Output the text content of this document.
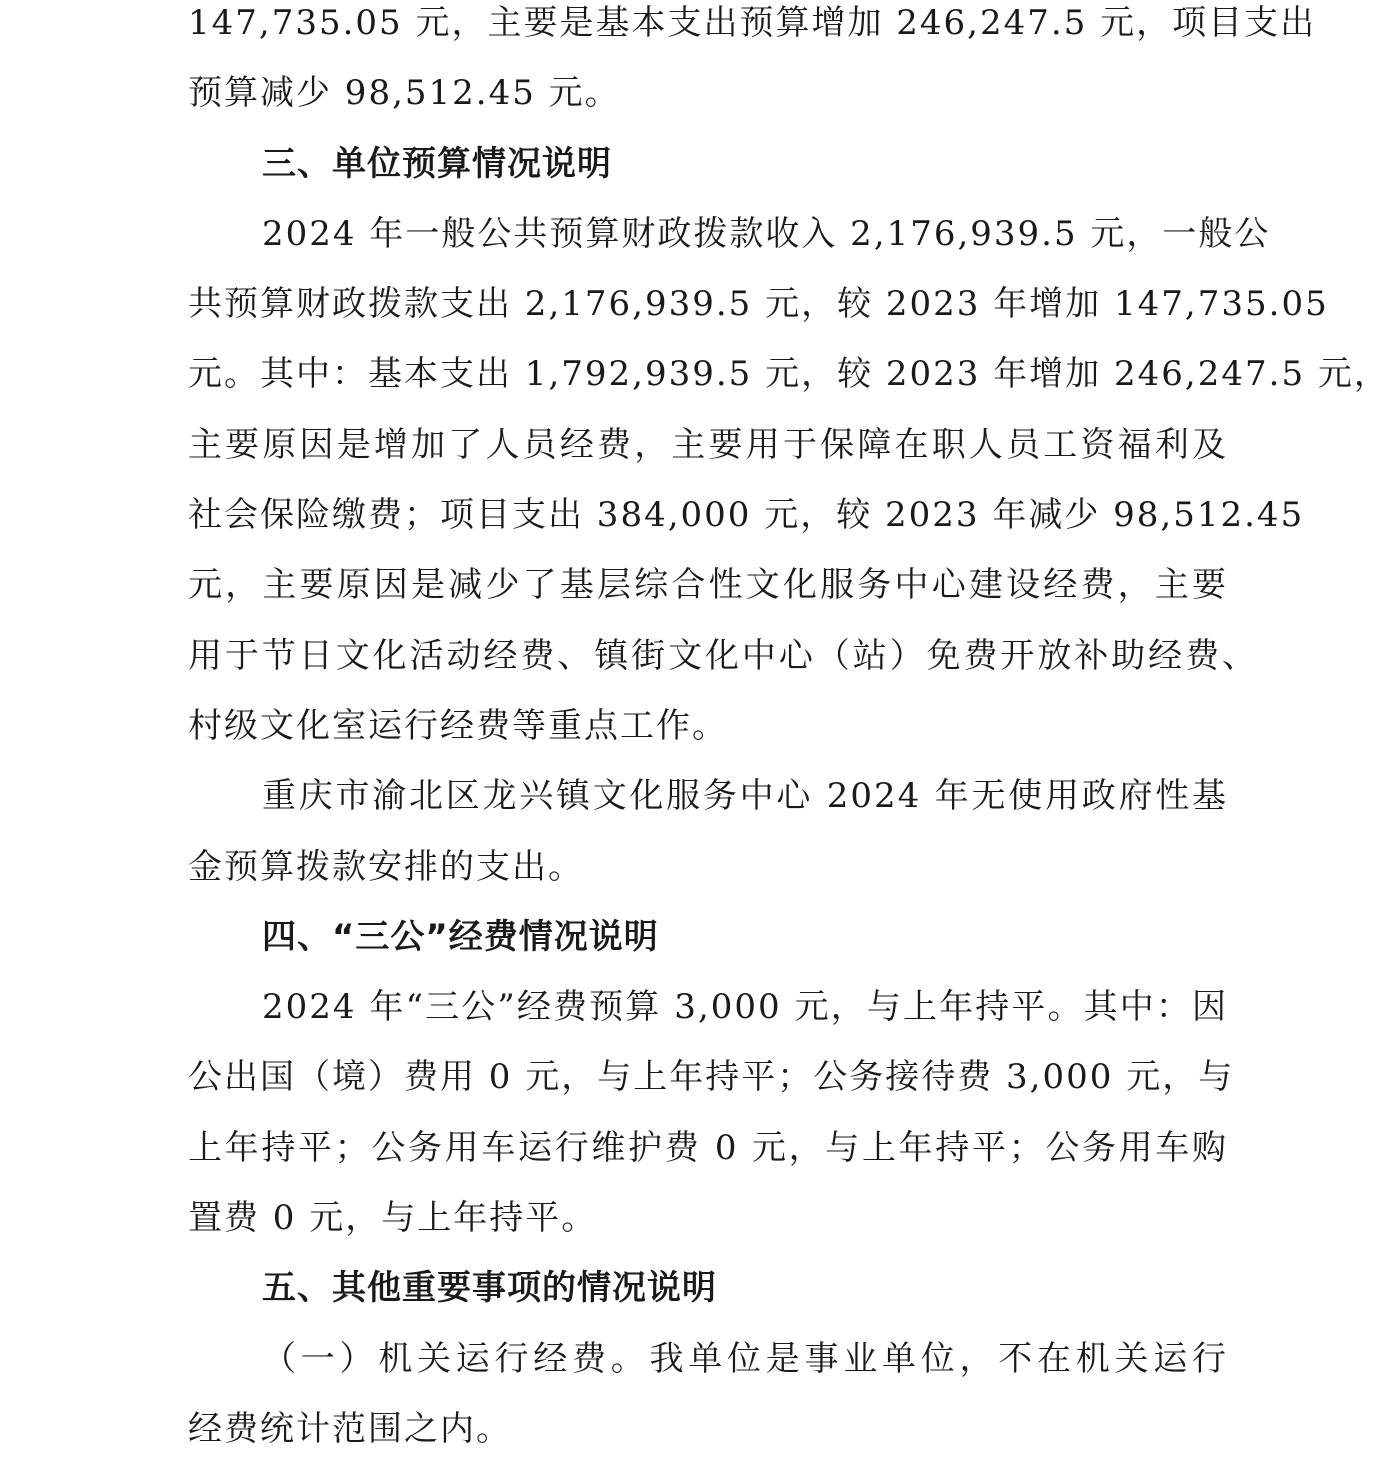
147,735.05 元，主要是基本支出预算增加 246,247.5 元，项目支出
预算减少 98,512.45 元。
三、单位预算情况说明
2024 年一般公共预算财政拨款收入 2,176,939.5 元，一般公
共预算财政拨款支出 2,176,939.5 元，较 2023 年增加 147,735.05
元。其中：基本支出 1,792,939.5 元，较 2023 年增加 246,247.5 元，
主要原因是增加了人员经费，主要用于保障在职人员工资福利及
社会保险缴费；项目支出 384,000 元，较 2023 年减少 98,512.45
元，主要原因是减少了基层综合性文化服务中心建设经费，主要
用于节日文化活动经费、镇街文化中心（站）免费开放补助经费、
村级文化室运行经费等重点工作。
重庆市渝北区龙兴镇文化服务中心 2024 年无使用政府性基
金预算拨款安排的支出。
四、“三公”经费情况说明
2024 年“三公”经费预算 3,000 元，与上年持平。其中：因
公出国（境）费用 0 元，与上年持平；公务接待费 3,000 元，与
上年持平；公务用车运行维护费 0 元，与上年持平；公务用车购
置费 0 元，与上年持平。
五、其他重要事项的情况说明
（一）机关运行经费。我单位是事业单位，不在机关运行
经费统计范围之内。
